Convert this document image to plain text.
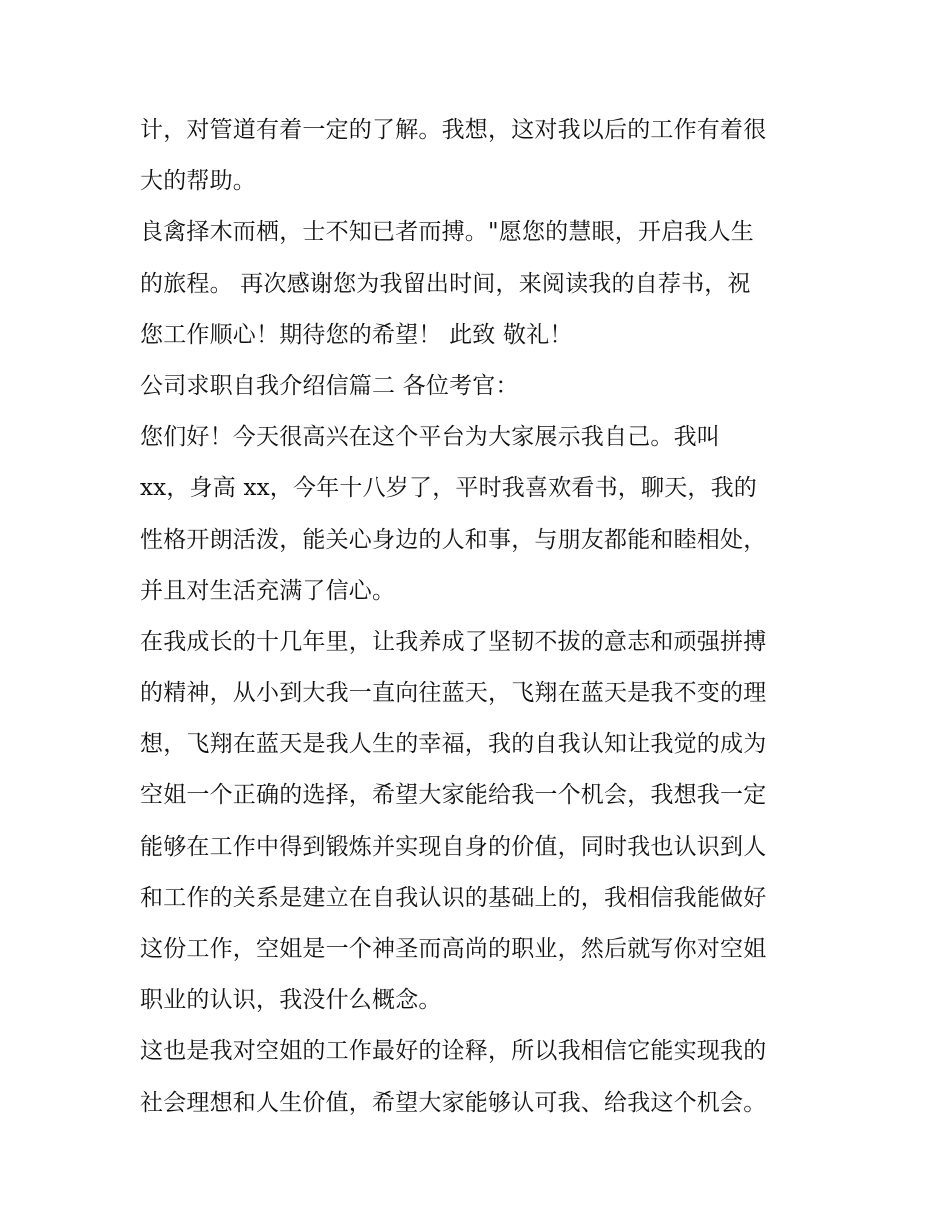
计，对管道有着一定的了解。我想，这对我以后的工作有着很
大的帮助。
良禽择木而栖，士不知已者而搏。"愿您的慧眼，开启我人生
的旅程。 再次感谢您为我留出时间，来阅读我的自荐书，祝
您工作顺心！期待您的希望！ 此致 敬礼！
公司求职自我介绍信篇二 各位考官：
您们好！今天很高兴在这个平台为大家展示我自己。我叫
xx，身高 xx，今年十八岁了，平时我喜欢看书，聊天，我的
性格开朗活泼，能关心身边的人和事，与朋友都能和睦相处，
并且对生活充满了信心。
在我成长的十几年里，让我养成了坚韧不拔的意志和顽强拼搏
的精神，从小到大我一直向往蓝天，飞翔在蓝天是我不变的理
想，飞翔在蓝天是我人生的幸福，我的自我认知让我觉的成为
空姐一个正确的选择，希望大家能给我一个机会，我想我一定
能够在工作中得到锻炼并实现自身的价值，同时我也认识到人
和工作的关系是建立在自我认识的基础上的，我相信我能做好
这份工作，空姐是一个神圣而高尚的职业，然后就写你对空姐
职业的认识，我没什么概念。
这也是我对空姐的工作最好的诠释，所以我相信它能实现我的
社会理想和人生价值，希望大家能够认可我、给我这个机会。
